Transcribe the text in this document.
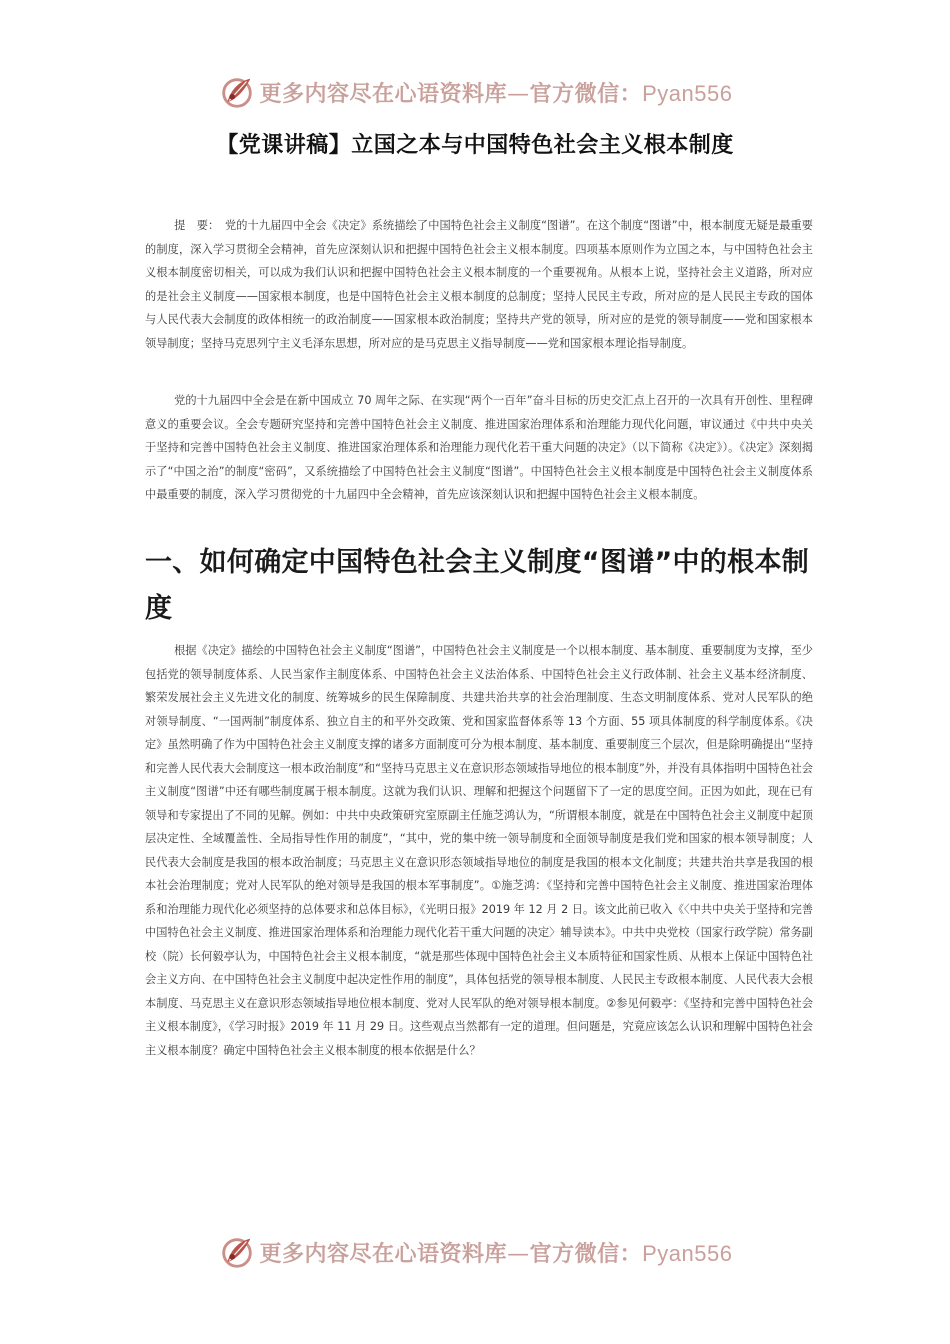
更多内容尽在心语资料库—官方微信：Pyan556
【党课讲稿】立国之本与中国特色社会主义根本制度

提　要：　党的十九届四中全会《决定》系统描绘了中国特色社会主义制度“图谱”。在这个制度“图谱”中，根本制度无疑是最重要的制度，深入学习贯彻全会精神，首先应深刻认识和把握中国特色社会主义根本制度。四项基本原则作为立国之本，与中国特色社会主义根本制度密切相关，可以成为我们认识和把握中国特色社会主义根本制度的一个重要视角。从根本上说，坚持社会主义道路，所对应的是社会主义制度——国家根本制度，也是中国特色社会主义根本制度的总制度；坚持人民民主专政，所对应的是人民民主专政的国体与人民代表大会制度的政体相统一的政治制度——国家根本政治制度；坚持共产党的领导，所对应的是党的领导制度——党和国家根本领导制度；坚持马克思列宁主义毛泽东思想，所对应的是马克思主义指导制度——党和国家根本理论指导制度。

党的十九届四中全会是在新中国成立 70 周年之际、在实现“两个一百年”奋斗目标的历史交汇点上召开的一次具有开创性、里程碑意义的重要会议。全会专题研究坚持和完善中国特色社会主义制度、推进国家治理体系和治理能力现代化问题，审议通过《中共中央关于坚持和完善中国特色社会主义制度、推进国家治理体系和治理能力现代化若干重大问题的决定》（以下简称《决定》）。《决定》深刻揭示了“中国之治”的制度“密码”，又系统描绘了中国特色社会主义制度“图谱”。中国特色社会主义根本制度是中国特色社会主义制度体系中最重要的制度，深入学习贯彻党的十九届四中全会精神，首先应该深刻认识和把握中国特色社会主义根本制度。

一、如何确定中国特色社会主义制度“图谱”中的根本制度

根据《决定》描绘的中国特色社会主义制度“图谱”，中国特色社会主义制度是一个以根本制度、基本制度、重要制度为支撑，至少包括党的领导制度体系、人民当家作主制度体系、中国特色社会主义法治体系、中国特色社会主义行政体制、社会主义基本经济制度、繁荣发展社会主义先进文化的制度、统筹城乡的民生保障制度、共建共治共享的社会治理制度、生态文明制度体系、党对人民军队的绝对领导制度、“一国两制”制度体系、独立自主的和平外交政策、党和国家监督体系等 13 个方面、55 项具体制度的科学制度体系。《决定》虽然明确了作为中国特色社会主义制度支撑的诸多方面制度可分为根本制度、基本制度、重要制度三个层次，但是除明确提出“坚持和完善人民代表大会制度这一根本政治制度”和“坚持马克思主义在意识形态领域指导地位的根本制度”外，并没有具体指明中国特色社会主义制度“图谱”中还有哪些制度属于根本制度。这就为我们认识、理解和把握这个问题留下了一定的思度空间。正因为如此，现在已有领导和专家提出了不同的见解。例如：中共中央政策研究室原副主任施芝鸿认为，“所谓根本制度，就是在中国特色社会主义制度中起顶层决定性、全域覆盖性、全局指导性作用的制度”，“其中，党的集中统一领导制度和全面领导制度是我们党和国家的根本领导制度；人民代表大会制度是我国的根本政治制度；马克思主义在意识形态领域指导地位的制度是我国的根本文化制度；共建共治共享是我国的根本社会治理制度；党对人民军队的绝对领导是我国的根本军事制度”。①施芝鸿：《坚持和完善中国特色社会主义制度、推进国家治理体系和治理能力现代化必须坚持的总体要求和总体目标》，《光明日报》2019 年 12 月 2 日。该文此前已收入《〈中共中央关于坚持和完善中国特色社会主义制度、推进国家治理体系和治理能力现代化若干重大问题的决定〉辅导读本》。中共中央党校（国家行政学院）常务副校（院）长何毅亭认为，中国特色社会主义根本制度，“就是那些体现中国特色社会主义本质特征和国家性质、从根本上保证中国特色社会主义方向、在中国特色社会主义制度中起决定性作用的制度”，具体包括党的领导根本制度、人民民主专政根本制度、人民代表大会根本制度、马克思主义在意识形态领域指导地位根本制度、党对人民军队的绝对领导根本制度。②参见何毅亭：《坚持和完善中国特色社会主义根本制度》，《学习时报》2019 年 11 月 29 日。这些观点当然都有一定的道理。但问题是，究竟应该怎么认识和理解中国特色社会主义根本制度？确定中国特色社会主义根本制度的根本依据是什么？

更多内容尽在心语资料库—官方微信：Pyan556
